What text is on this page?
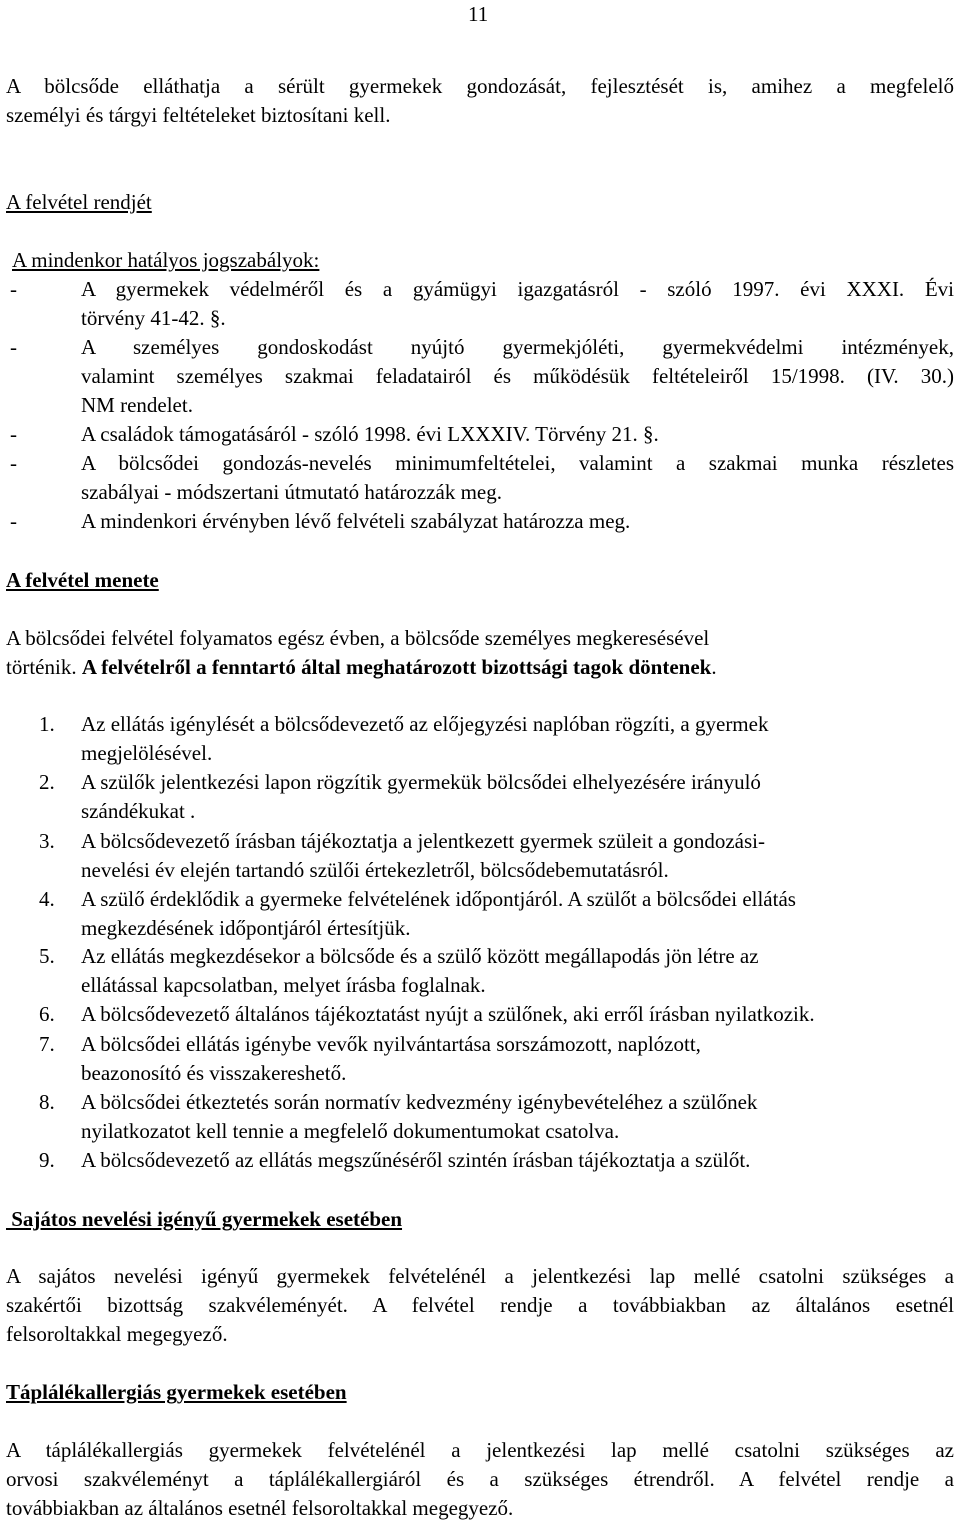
11
A bölcsőde elláthatja a sérült gyermekek gondozását, fejlesztését is, amihez a megfelelő
személyi és tárgyi feltételeket biztosítani kell.
A felvétel rendjét
A mindenkor hatályos jogszabályok:
-	A gyermekek védelméről és a gyámügyi igazgatásról - szóló 1997. évi XXXI. Évi
törvény 41-42. §.
-	A személyes gondoskodást nyújtó gyermekjóléti, gyermekvédelmi intézmények,
valamint személyes szakmai feladatairól és működésük feltételeiről 15/1998. (IV. 30.)
NM rendelet.
-	A családok támogatásáról - szóló 1998. évi LXXXIV. Törvény 21. §.
-	A bölcsődei gondozás-nevelés minimumfeltételei, valamint a szakmai munka részletes
szabályai - módszertani útmutató határozzák meg.
-	A mindenkori érvényben lévő felvételi szabályzat határozza meg.
A felvétel menete
A bölcsődei felvétel folyamatos egész évben, a bölcsőde személyes megkeresésével
történik. A felvételről a fenntartó által meghatározott bizottsági tagok döntenek.
1. Az ellátás igénylését a bölcsődevezető az előjegyzési naplóban rögzíti, a gyermek
megjelölésével.
2. A szülők jelentkezési lapon rögzítik gyermekük bölcsődei elhelyezésére irányuló
szándékukat .
3. A bölcsődevezető írásban tájékoztatja a jelentkezett gyermek szüleit a gondozási-
nevelési év elején tartandó szülői értekezletről, bölcsődebemutatásról.
4. A szülő érdeklődik a gyermeke felvételének időpontjáról. A szülőt a bölcsődei ellátás
megkezdésének időpontjáról értesítjük.
5. Az ellátás megkezdésekor a bölcsőde és a szülő között megállapodás jön létre az
ellátással kapcsolatban, melyet írásba foglalnak.
6. A bölcsődevezető általános tájékoztatást nyújt a szülőnek, aki erről írásban nyilatkozik.
7. A bölcsődei ellátás igénybe vevők nyilvántartása sorszámozott, naplózott,
beazonosító és visszakereshető.
8. A bölcsődei étkeztetés során normatív kedvezmény igénybevételéhez a szülőnek
nyilatkozatot kell tennie a megfelelő dokumentumokat csatolva.
9. A bölcsődevezető az ellátás megszűnéséről szintén írásban tájékoztatja a szülőt.
Sajátos nevelési igényű gyermekek esetében
A sajátos nevelési igényű gyermekek felvételénél a jelentkezési lap mellé csatolni szükséges a
szakértői bizottság szakvéleményét. A felvétel rendje a továbbiakban az általános esetnél
felsoroltakkal megegyező.
Táplálékallergiás gyermekek esetében
A táplálékallergiás gyermekek felvételénél a jelentkezési lap mellé csatolni szükséges az
orvosi szakvéleményt a táplálékallergiáról és a szükséges étrendről. A felvétel rendje a
továbbiakban az általános esetnél felsoroltakkal megegyező.
